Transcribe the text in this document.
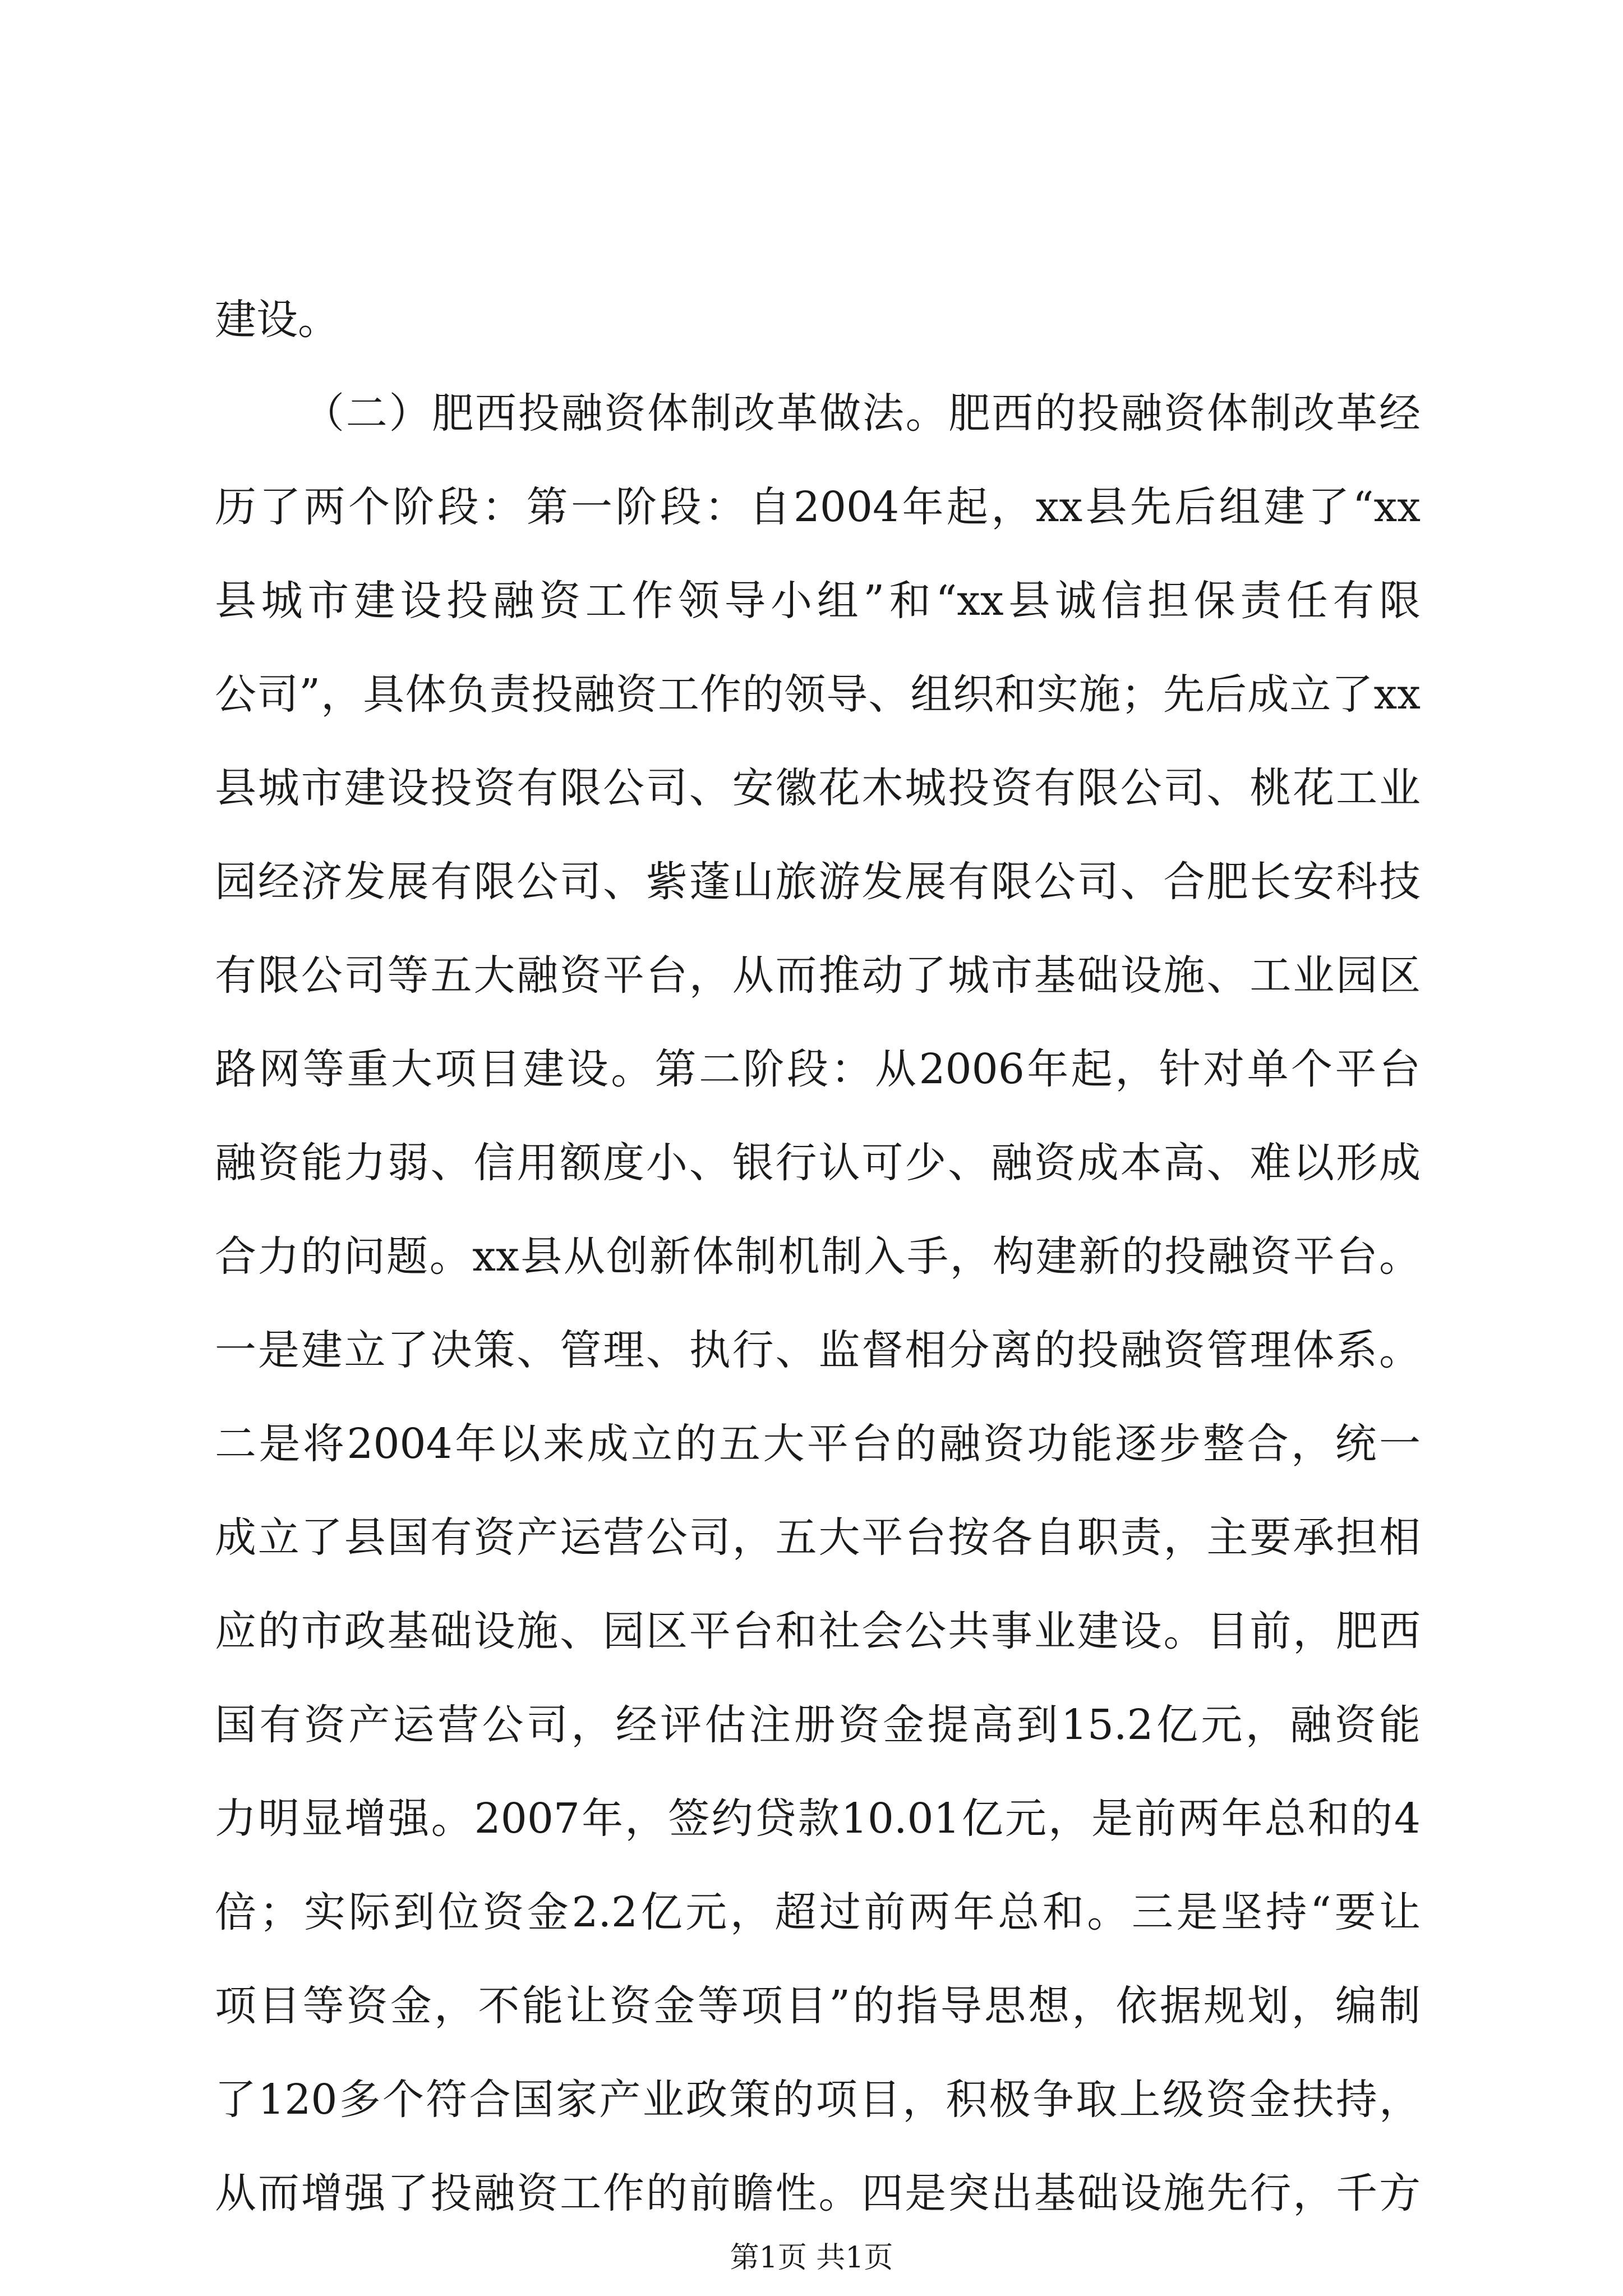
建设。
（二）肥西投融资体制改革做法。肥西的投融资体制改革经
历了两个阶段：第一阶段：自2004年起，xx县先后组建了“xx
县城市建设投融资工作领导小组”和“xx县诚信担保责任有限
公司”，具体负责投融资工作的领导、组织和实施；先后成立了xx
县城市建设投资有限公司、安徽花木城投资有限公司、桃花工业
园经济发展有限公司、紫蓬山旅游发展有限公司、合肥长安科技
有限公司等五大融资平台，从而推动了城市基础设施、工业园区
路网等重大项目建设。第二阶段：从2006年起，针对单个平台
融资能力弱、信用额度小、银行认可少、融资成本高、难以形成
合力的问题。xx县从创新体制机制入手，构建新的投融资平台。
一是建立了决策、管理、执行、监督相分离的投融资管理体系。
二是将2004年以来成立的五大平台的融资功能逐步整合，统一
成立了县国有资产运营公司，五大平台按各自职责，主要承担相
应的市政基础设施、园区平台和社会公共事业建设。目前，肥西
国有资产运营公司，经评估注册资金提高到15.2亿元，融资能
力明显增强。2007年，签约贷款10.01亿元，是前两年总和的4
倍；实际到位资金2.2亿元，超过前两年总和。三是坚持“要让
项目等资金，不能让资金等项目”的指导思想，依据规划，编制
了120多个符合国家产业政策的项目，积极争取上级资金扶持，
从而增强了投融资工作的前瞻性。四是突出基础设施先行，千方
第1页 共1页
